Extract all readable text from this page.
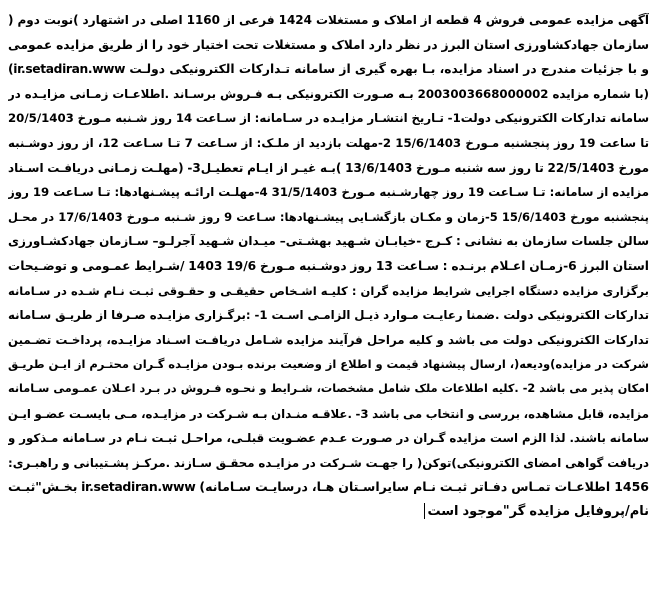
آگهی مزایده عمومی فروش 4 قطعه از املاک و مستغلات 1424 فرعی از 1160 اصلی در اشتهارد )نوبت دوم (
سازمان جهادکشاورزی استان البرز در نظر دارد املاک و مستغلات تحت اختیار خود را از طریق مزایده عمومی
و با جزئیات مندرج در اسناد مزایده، بـا بهره گیری از سامانه تـدارکات الکترونیکی دولـت ir.setadiran.www)
(با شماره مزایده 2003003668000002 بـه صـورت الکترونیکی بـه فـروش برسـاند .اطلاعـات زمـانی مزایـده در
سامانه تدارکات الکترونیکی دولت1- تـاریخ انتشـار مزایـده در سـامانه: از سـاعت 14 روز شـنبه مـورخ 20/5/1403
تا ساعت 19 روز پنجشنبه مـورخ 15/6/1403 2-مهلت بازدید از ملـک: از سـاعت 7 تـا سـاعت 12، از روز دوشـنبه
مورخ 22/5/1403 تا روز سه شنبه مـورخ 13/6/1403 )بـه غیـر از ایـام تعطیـل3- (مهلـت زمـانی دریافـت اسـناد
مزایده از سامانه: تـا سـاعت 19 روز چهارشـنبه مـورخ 31/5/1403 4-مهلـت ارائـه پیشـنهادها: تـا سـاعت 19 روز
پنجشنبه مورخ 15/6/1403 5-زمان و مکـان بازگشـایی پیشـنهادها: سـاعت 9 روز شـنبه مـورخ 17/6/1403 در محـل
سالن جلسات سازمان به نشانی : کـرج -خیابـان شـهید بهشـتی– میـدان شـهید آجرلـو– سـازمان جهادکشـاورزی
استان البرز 6-زمـان اعـلام برنـده : سـاعت 13 روز دوشـنبه مـورخ 19/6 1403 /شـرایط عمـومی و توضـیحات
برگزاری مزایده دستگاه اجرایی شرایط مزایده گران : کلیـه اشـخاص حقیقـی و حقـوقی ثبـت نـام شـده در سـامانه
تدارکات الکترونیکی دولت .ضمنا رعایـت مـوارد ذیـل الزامـی اسـت 1- :برگـزاری مزایـده صـرفا از طریـق سـامانه
تدارکات الکترونیکی دولت می باشد و کلیه مراحل فرآیند مزایده شـامل دریافـت اسـناد مزایـده، پرداخـت تضـمین
شرکت در مزایده)ودیعه(، ارسال پیشنهاد قیمت و اطلاع از وضعیت برنده بـودن مزایـده گـران محتـرم از ایـن طریـق
امکان پذیر می باشد 2- .کلیه اطلاعات ملک شامل مشخصات، شـرایط و نحـوه فـروش در بـرد اعـلان عمـومی سـامانه
مزایده، قابل مشاهده، بررسی و انتخاب می باشد 3- .علاقـه منـدان بـه شـرکت در مزایـده، مـی بایسـت عضـو ایـن
سامانه باشند. لذا الزم است مزایده گـران در صـورت عـدم عضـویت قبلـی، مراحـل ثبـت نـام در سـامانه مـذکور و
دریافت گواهی امضای الکترونیکی)توکن( را جهـت شـرکت در مزایـده محقـق سـازند .مرکـز پشـتیبانی و راهبـری:
1456 اطلاعـات تمـاس دفـاتر ثبـت نـام سایراسـتان هـا، درسایـت سـامانه) ir.setadiran.www بخـش"ثبـت
نام/پروفایل مزایده گر"موجود است
